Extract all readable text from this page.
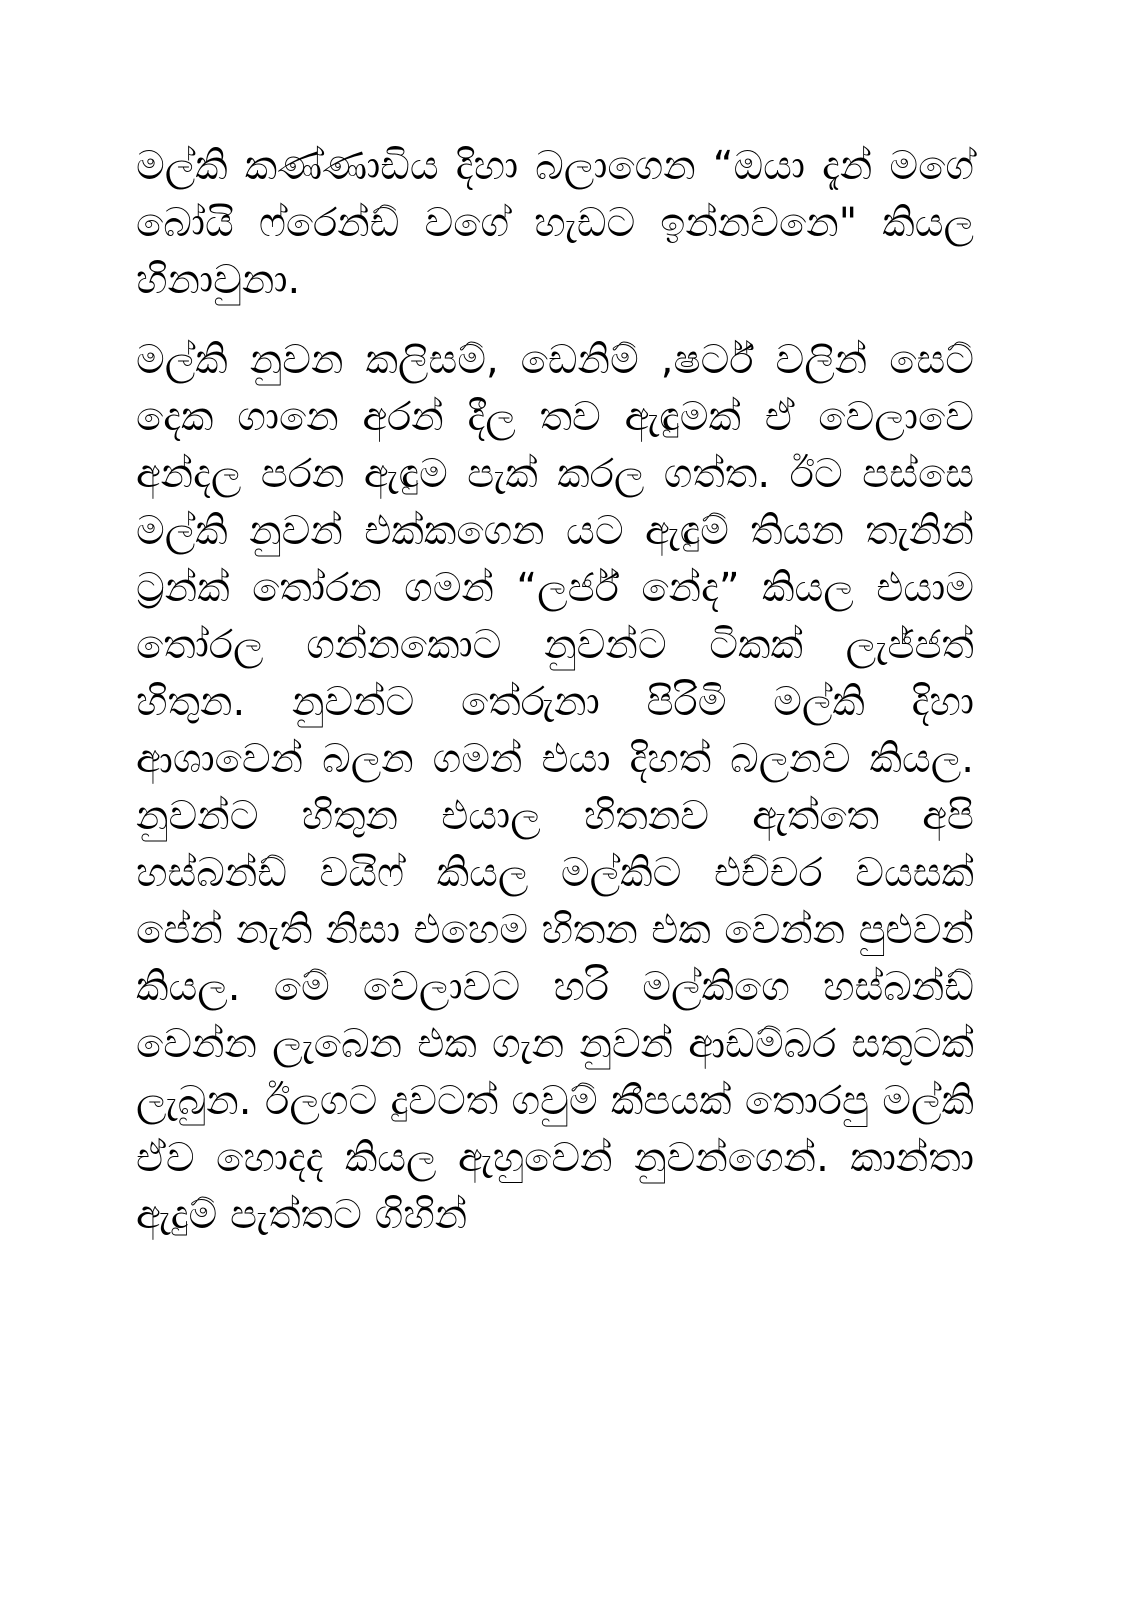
මල්කි කණ්ණාඩිය දිහා බලාගෙන “ඔයා දැන් මගේ බෝයි ෆ්රෙන්ඩ් වගේ හැඩට ඉන්නවනෙ" කියල හිනාවුනා.

මල්කි නුවන කලිසම්, ඩෙනිම් ,ෂර්ට් වලින් සෙට් දෙක ගානෙ අරන් දීල තව ඇඳුමක් ඒ වෙලාවෙ අන්දල පරන ඇඳුම පැක් කරල ගත්ත. ඊට පස්සෙ මල්කි නුවන් එක්කගෙන යට ඇඳුම් තියන තැනින් ට්‍රන්ක් තෝරන ගමන් “ලර්ජ් නේද” කියල එයාම තෝරල ගන්නකොට නුවන්ට ටිකක් ලැජ්ජත් හිතුන. නුවන්ට තේරුනා පිරිමි මල්කි දිහා ආශාවෙන් බලන ගමන් එයා දිහත් බලනව කියල. නුවන්ට හිතුන එයාල හිතනව ඇත්තෙ අපි හස්බන්ඩ් වයිෆ් කියල මල්කිට එච්චර වයසක් පේන් නැති නිසා එහෙම හිතන එක වෙන්න පුළුවන් කියල. මේ වෙලාවට හරි මල්කිගෙ හස්බන්ඩ් වෙන්න ලැබෙන එක ගැන නුවන් ආඩම්බර සතුටක් ලැබුන. ඊලගට දුවටත් ගවුම් කීපයක් තොරපු මල්කි ඒව හොදද කියල ඇහුවෙන් නුවන්ගෙන්. කාන්තා ඇදුම් පැත්තට ගිහින්
